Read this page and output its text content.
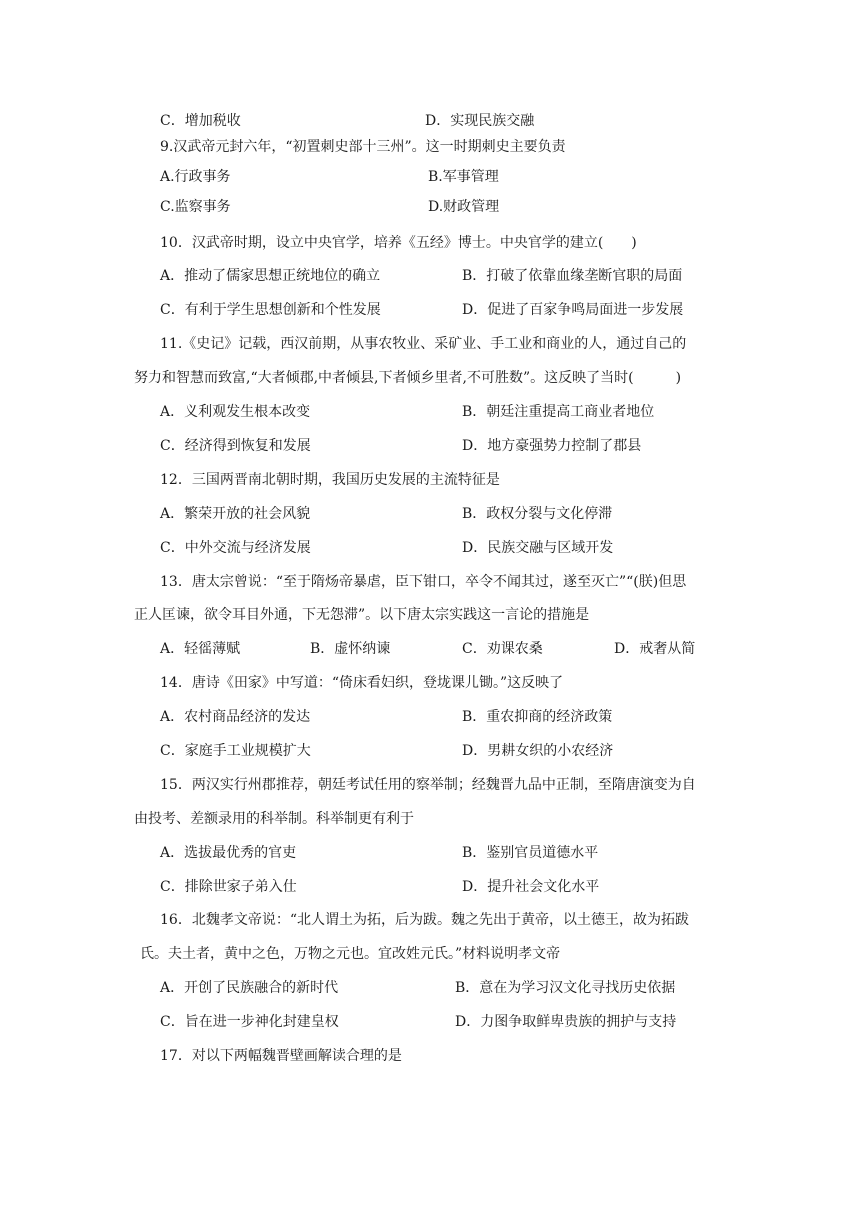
C．增加税收	D．实现民族交融
9.汉武帝元封六年，“初置刺史部十三州”。这一时期刺史主要负责
A.行政事务	B.军事管理
C.监察事务	D.财政管理
10．汉武帝时期，设立中央官学，培养《五经》博士。中央官学的建立(　　)
A．推动了儒家思想正统地位的确立	B．打破了依靠血缘垄断官职的局面
C．有利于学生思想创新和个性发展	D．促进了百家争鸣局面进一步发展
11.《史记》记载，西汉前期，从事农牧业、采矿业、手工业和商业的人，通过自己的
努力和智慧而致富,“大者倾郡,中者倾县,下者倾乡里者,不可胜数”。这反映了当时(　　　)
A．义利观发生根本改变	B．朝廷注重提高工商业者地位
C．经济得到恢复和发展	D．地方豪强势力控制了郡县
12．三国两晋南北朝时期，我国历史发展的主流特征是
A．繁荣开放的社会风貌	B．政权分裂与文化停滞
C．中外交流与经济发展	D．民族交融与区域开发
13．唐太宗曾说：“至于隋炀帝暴虐，臣下钳口，卒令不闻其过，遂至灭亡”“(朕)但思
正人匡谏，欲令耳目外通，下无怨滞”。以下唐太宗实践这一言论的措施是
A．轻徭薄赋	B．虚怀纳谏	C．劝课农桑	D．戒奢从简
14．唐诗《田家》中写道：“倚床看妇织，登垅课儿锄。”这反映了
A．农村商品经济的发达	B．重农抑商的经济政策
C．家庭手工业规模扩大	D．男耕女织的小农经济
15．两汉实行州郡推荐，朝廷考试任用的察举制；经魏晋九品中正制，至隋唐演变为自
由投考、差额录用的科举制。科举制更有利于
A．选拔最优秀的官吏	B．鉴别官员道德水平
C．排除世家子弟入仕	D．提升社会文化水平
16．北魏孝文帝说：“北人谓土为拓，后为跋。魏之先出于黄帝，以土德王，故为拓跋
氏。夫土者，黄中之色，万物之元也。宜改姓元氏。”材料说明孝文帝
A．开创了民族融合的新时代	B．意在为学习汉文化寻找历史依据
C．旨在进一步神化封建皇权	D．力图争取鲜卑贵族的拥护与支持
17．对以下两幅魏晋壁画解读合理的是
